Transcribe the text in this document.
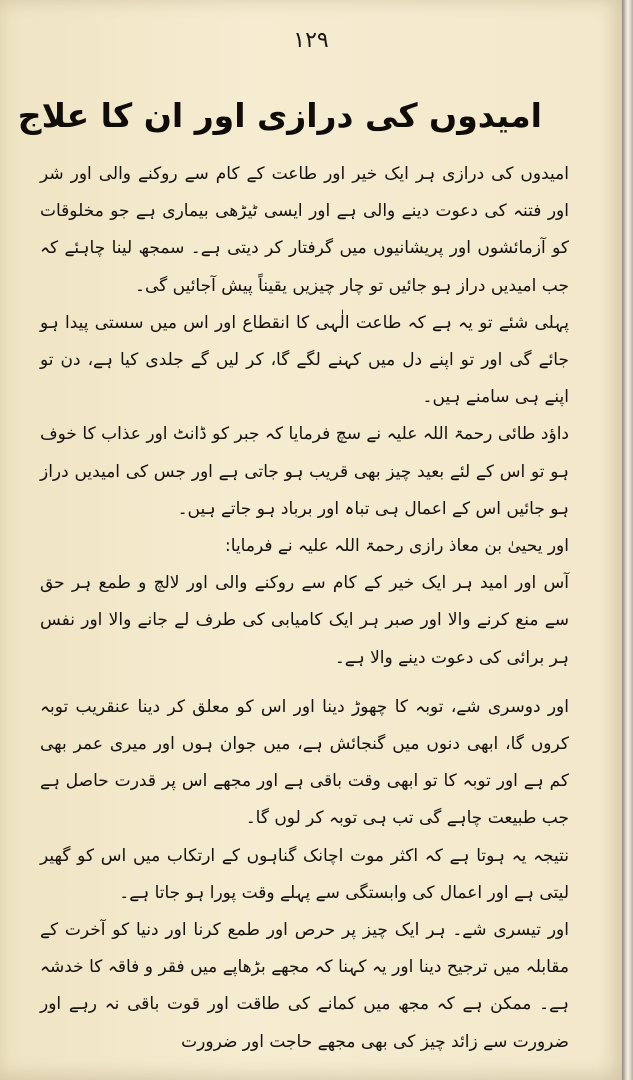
۱۲۹
امیدوں کی درازی اور ان کا علاج

امیدوں کی درازی ہر ایک خیر اور طاعت کے کام سے روکنے والی اور شر اور فتنہ کی دعوت دینے والی ہے اور ایسی ٹیڑھی بیماری ہے جو مخلوقات کو آزمائشوں اور پریشانیوں میں گرفتار کر دیتی ہے۔ سمجھ لینا چاہئے کہ جب امیدیں دراز ہو جائیں تو چار چیزیں یقیناً پیش آجائیں گی۔

پہلی شئے تو یہ ہے کہ طاعت الٰہی کا انقطاع اور اس میں سستی پیدا ہو جائے گی اور تو اپنے دل میں کہنے لگے گا، کر لیں گے جلدی کیا ہے، دن تو اپنے ہی سامنے ہیں۔

داؤد طائی رحمۃ اللہ علیہ نے سچ فرمایا کہ جبر کو ڈانٹ اور عذاب کا خوف ہو تو اس کے لئے بعید چیز بھی قریب ہو جاتی ہے اور جس کی امیدیں دراز ہو جائیں اس کے اعمال ہی تباہ اور برباد ہو جاتے ہیں۔

اور یحییٰ بن معاذ رازی رحمۃ اللہ علیہ نے فرمایا:

آس اور امید ہر ایک خیر کے کام سے روکنے والی اور لالچ و طمع ہر حق سے منع کرنے والا اور صبر ہر ایک کامیابی کی طرف لے جانے والا اور نفس ہر برائی کی دعوت دینے والا ہے۔

اور دوسری شے، توبہ کا چھوڑ دینا اور اس کو معلق کر دینا عنقریب توبہ کروں گا، ابھی دنوں میں گنجائش ہے، میں جوان ہوں اور میری عمر بھی کم ہے اور توبہ کا تو ابھی وقت باقی ہے اور مجھے اس پر قدرت حاصل ہے جب طبیعت چاہے گی تب ہی توبہ کر لوں گا۔

نتیجہ یہ ہوتا ہے کہ اکثر موت اچانک گناہوں کے ارتکاب میں اس کو گھیر لیتی ہے اور اعمال کی وابستگی سے پہلے وقت پورا ہو جاتا ہے۔

اور تیسری شے۔ ہر ایک چیز پر حرص اور طمع کرنا اور دنیا کو آخرت کے مقابلہ میں ترجیح دینا اور یہ کہنا کہ مجھے بڑھاپے میں فقر و فاقہ کا خدشہ ہے۔ ممکن ہے کہ مجھ میں کمانے کی طاقت اور قوت باقی نہ رہے اور ضرورت سے زائد چیز کی بھی مجھے حاجت اور ضرورت
